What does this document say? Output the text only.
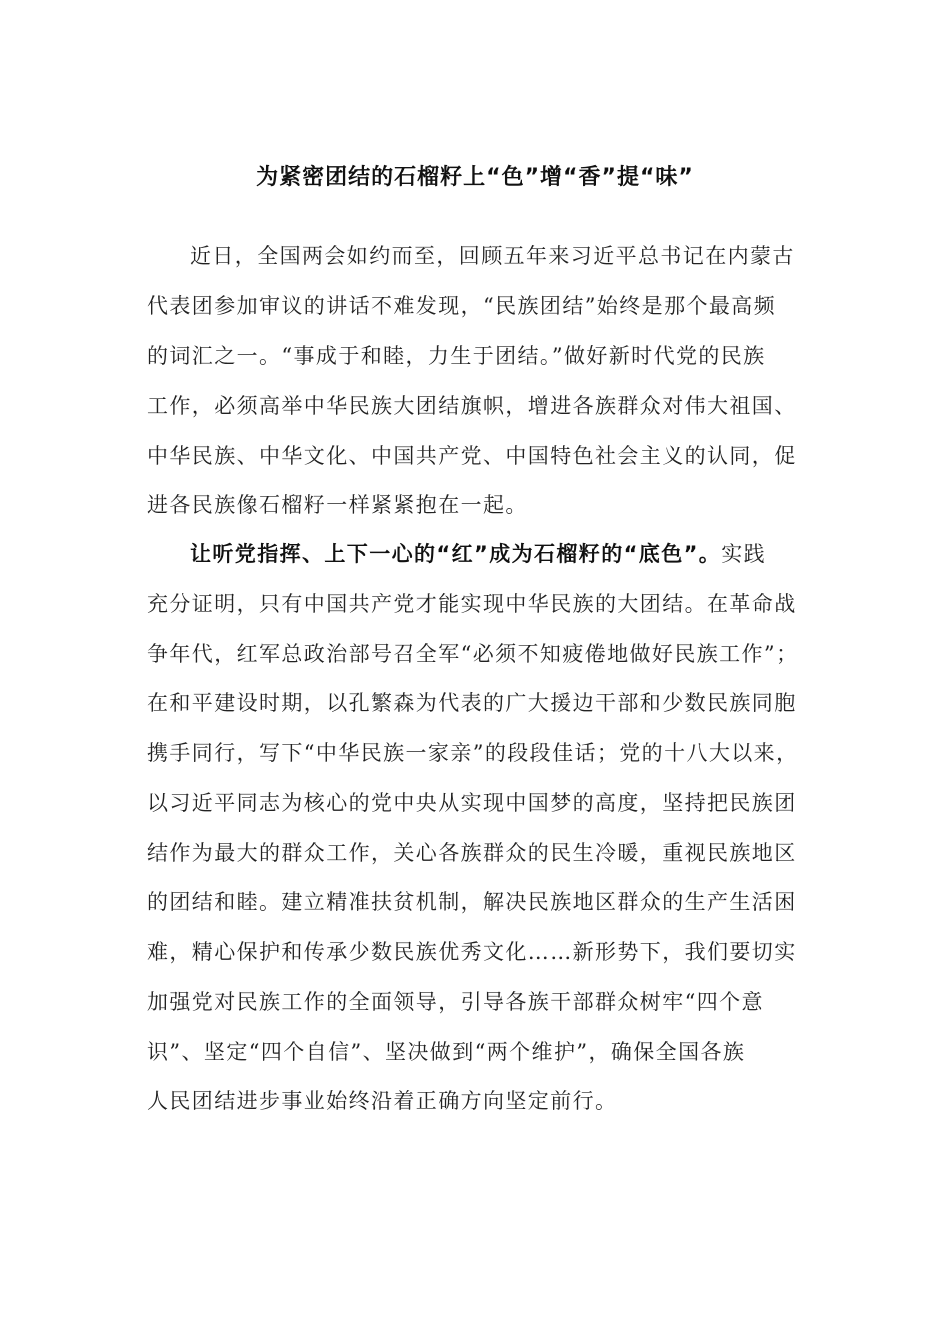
为紧密团结的石榴籽上“色”增“香”提“味”
近日，全国两会如约而至，回顾五年来习近平总书记在内蒙古
代表团参加审议的讲话不难发现，“民族团结”始终是那个最高频
的词汇之一。“事成于和睦，力生于团结。”做好新时代党的民族
工作，必须高举中华民族大团结旗帜，增进各族群众对伟大祖国、
中华民族、中华文化、中国共产党、中国特色社会主义的认同，促
进各民族像石榴籽一样紧紧抱在一起。
让听党指挥、上下一心的“红”成为石榴籽的“底色”。实践
充分证明，只有中国共产党才能实现中华民族的大团结。在革命战
争年代，红军总政治部号召全军“必须不知疲倦地做好民族工作”；
在和平建设时期，以孔繁森为代表的广大援边干部和少数民族同胞
携手同行，写下“中华民族一家亲”的段段佳话；党的十八大以来，
以习近平同志为核心的党中央从实现中国梦的高度，坚持把民族团
结作为最大的群众工作，关心各族群众的民生冷暖，重视民族地区
的团结和睦。建立精准扶贫机制，解决民族地区群众的生产生活困
难，精心保护和传承少数民族优秀文化……新形势下，我们要切实
加强党对民族工作的全面领导，引导各族干部群众树牢“四个意
识”、坚定“四个自信”、坚决做到“两个维护”，确保全国各族
人民团结进步事业始终沿着正确方向坚定前行。
